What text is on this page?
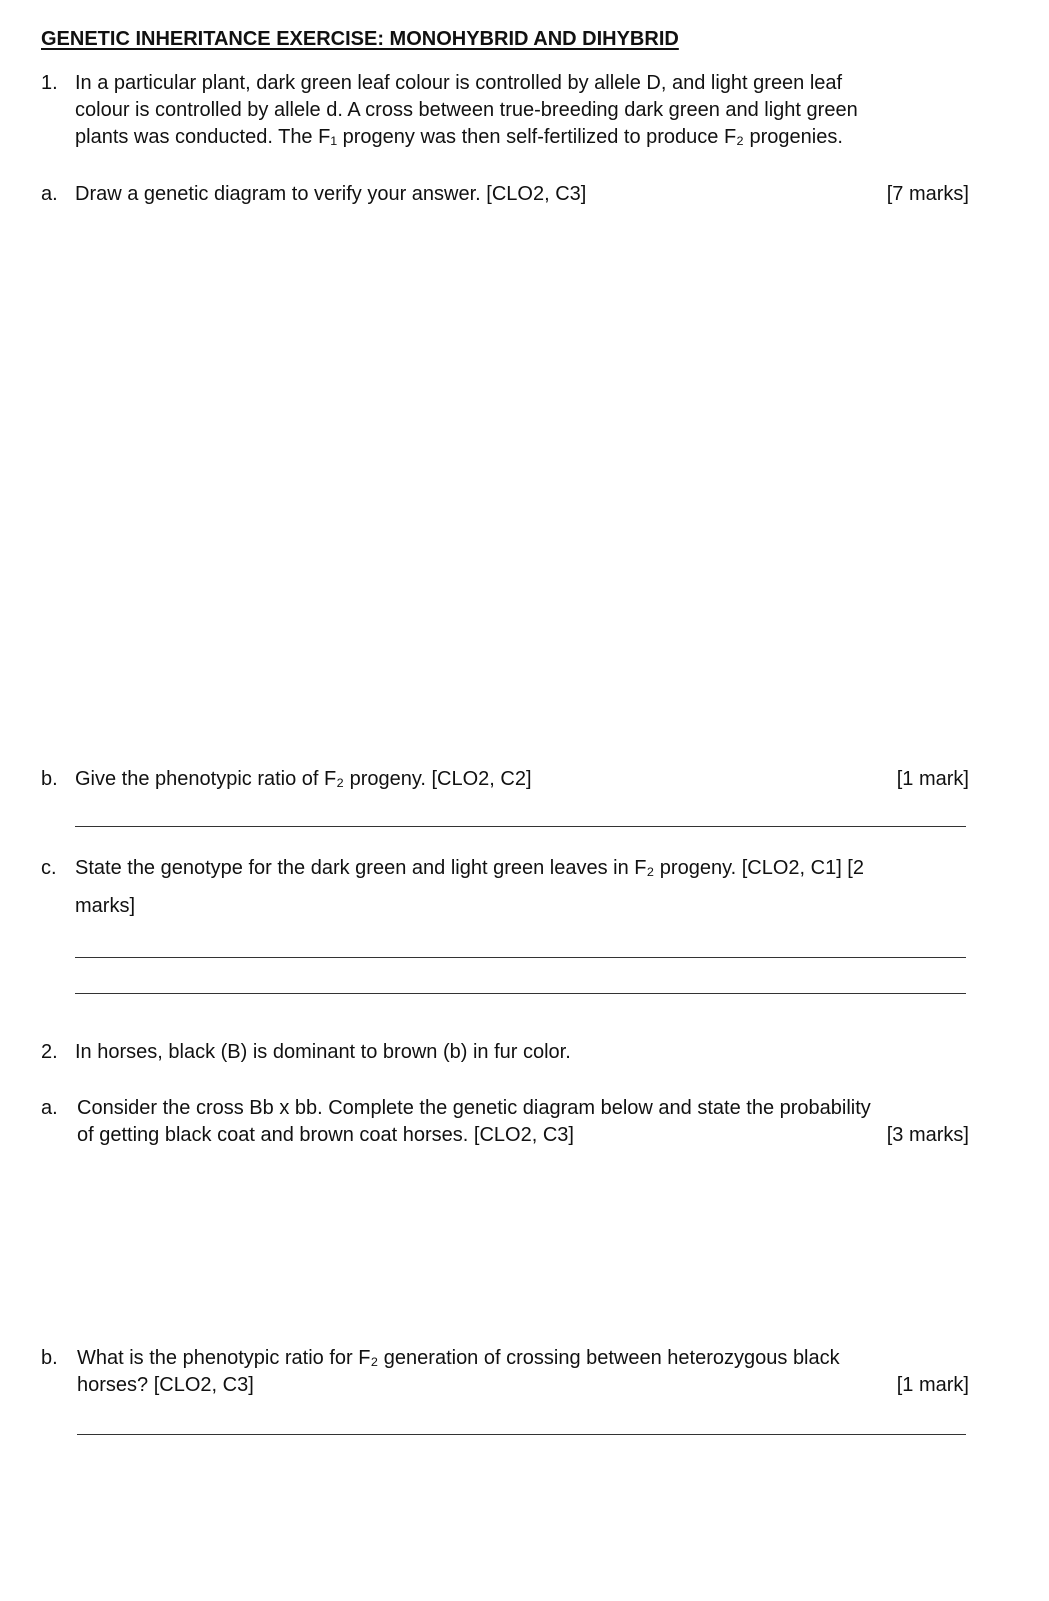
GENETIC INHERITANCE EXERCISE: MONOHYBRID AND DIHYBRID
1. In a particular plant, dark green leaf colour is controlled by allele D, and light green leaf
colour is controlled by allele d. A cross between true-breeding dark green and light green
plants was conducted. The F₁ progeny was then self-fertilized to produce F₂ progenies.
a. Draw a genetic diagram to verify your answer. [CLO2, C3]	[7 marks]
b. Give the phenotypic ratio of F₂ progeny. [CLO2, C2]	[1 mark]
c. State the genotype for the dark green and light green leaves in F₂ progeny. [CLO2, C1] [2
marks]
2. In horses, black (B) is dominant to brown (b) in fur color.
a. Consider the cross Bb x bb. Complete the genetic diagram below and state the probability
of getting black coat and brown coat horses. [CLO2, C3]	[3 marks]
b. What is the phenotypic ratio for F₂ generation of crossing between heterozygous black
horses? [CLO2, C3]	[1 mark]
